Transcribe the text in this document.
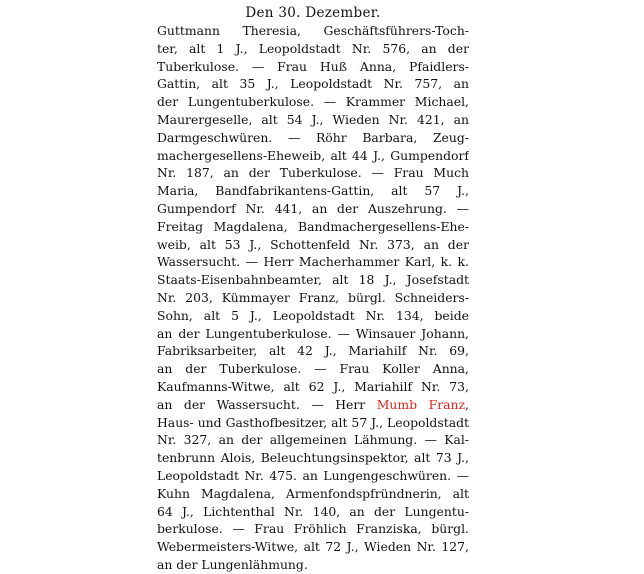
Den 30. Dezember.
Guttmann Theresia, Geschäftsführers-Toch-
ter, alt 1 J., Leopoldstadt Nr. 576, an der
Tuberkulose. — Frau Huß Anna, Pfaidlers-
Gattin, alt 35 J., Leopoldstadt Nr. 757, an
der Lungentuberkulose. — Krammer Michael,
Maurergeselle, alt 54 J., Wieden Nr. 421, an
Darmgeschwüren. — Röhr Barbara, Zeug-
machergesellens-Eheweib, alt 44 J., Gumpendorf
Nr. 187, an der Tuberkulose. — Frau Much
Maria, Bandfabrikantens-Gattin, alt 57 J.,
Gumpendorf Nr. 441, an der Auszehrung. —
Freitag Magdalena, Bandmachergesellens-Ehe-
weib, alt 53 J., Schottenfeld Nr. 373, an der
Wassersucht. — Herr Macherhammer Karl, k. k.
Staats-Eisenbahnbeamter, alt 18 J., Josefstadt
Nr. 203, Kümmayer Franz, bürgl. Schneiders-
Sohn, alt 5 J., Leopoldstadt Nr. 134, beide
an der Lungentuberkulose. — Winsauer Johann,
Fabriksarbeiter, alt 42 J., Mariahilf Nr. 69,
an der Tuberkulose. — Frau Koller Anna,
Kaufmanns-Witwe, alt 62 J., Mariahilf Nr. 73,
an der Wassersucht. — Herr Mumb Franz,
Haus- und Gasthofbesitzer, alt 57 J., Leopoldstadt
Nr. 327, an der allgemeinen Lähmung. — Kal-
tenbrunn Alois, Beleuchtungsinspektor, alt 73 J.,
Leopoldstadt Nr. 475. an Lungengeschwüren. —
Kuhn Magdalena, Armenfondspfründnerin, alt
64 J., Lichtenthal Nr. 140, an der Lungentu-
berkulose. — Frau Fröhlich Franziska, bürgl.
Webermeisters-Witwe, alt 72 J., Wieden Nr. 127,
an der Lungenlähmung.
